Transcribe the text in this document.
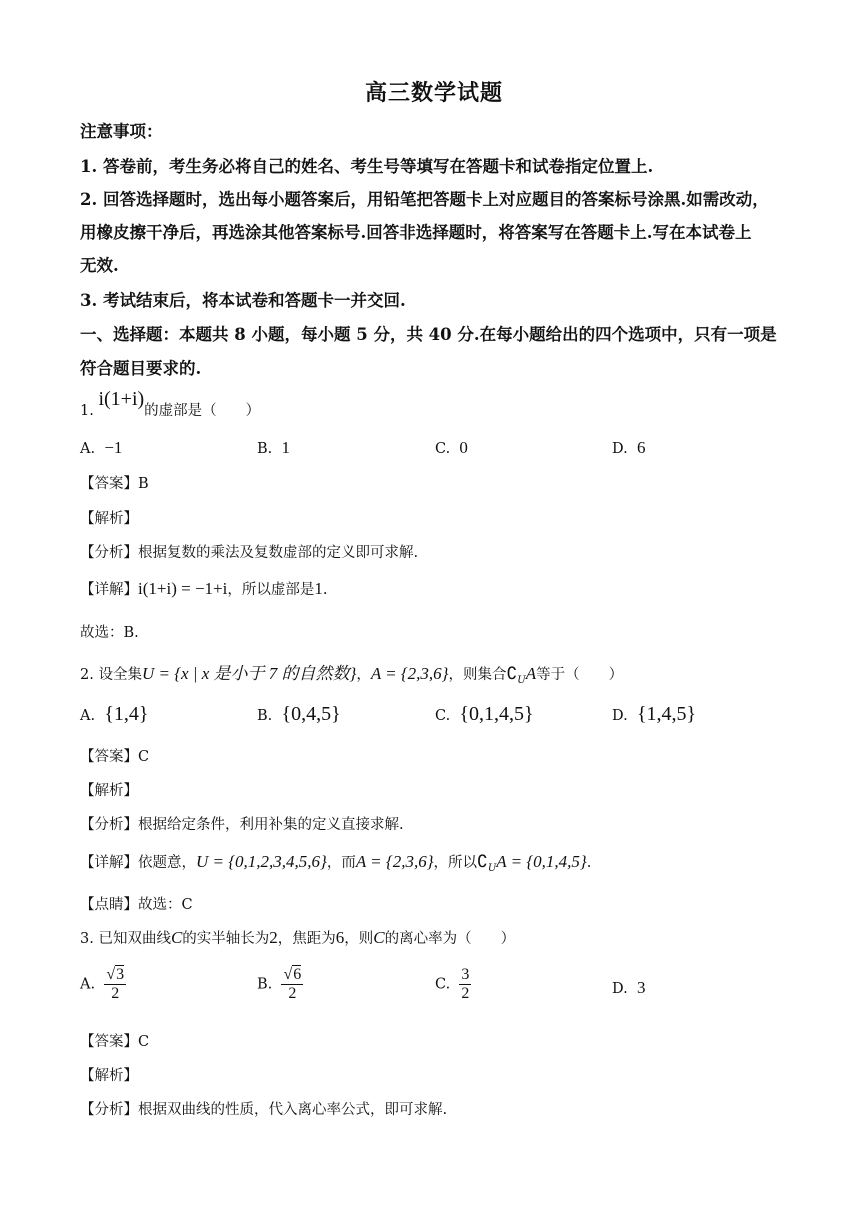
高三数学试题
注意事项：
1. 答卷前，考生务必将自己的姓名、考生号等填写在答题卡和试卷指定位置上.
2. 回答选择题时，选出每小题答案后，用铅笔把答题卡上对应题目的答案标号涂黑.如需改动，
用橡皮擦干净后，再选涂其他答案标号.回答非选择题时，将答案写在答题卡上.写在本试卷上
无效.
3. 考试结束后，将本试卷和答题卡一并交回.
一、选择题：本题共 8 小题，每小题 5 分，共 40 分.在每小题给出的四个选项中，只有一项是
符合题目要求的.
1. i(1+i)的虚部是（　　）
A. −1	B. 1	C. 0	D. 6
【答案】B
【解析】
【分析】根据复数的乘法及复数虚部的定义即可求解.
【详解】i(1+i) = −1+i，所以虚部是1.
故选：B.
2. 设全集U = {x | x 是小于 7 的自然数}，A = {2,3,6}，则集合$∁_UA$等于（　　）
A. {1,4}	B. {0,4,5}	C. {0,1,4,5}	D. {1,4,5}
【答案】C
【解析】
【分析】根据给定条件，利用补集的定义直接求解.
【详解】依题意，U = {0,1,2,3,4,5,6}，而A = {2,3,6}，所以$∁_UA = \{0,1,4,5\}$.
【点睛】故选：C
3. 已知双曲线C的实半轴长为2，焦距为6，则C的离心率为（　　）
A. $\frac{√3}{2}$	B. $\frac{√6}{2}$	C. $\frac{3}{2}$	D. 3
【答案】C
【解析】
【分析】根据双曲线的性质，代入离心率公式，即可求解.
